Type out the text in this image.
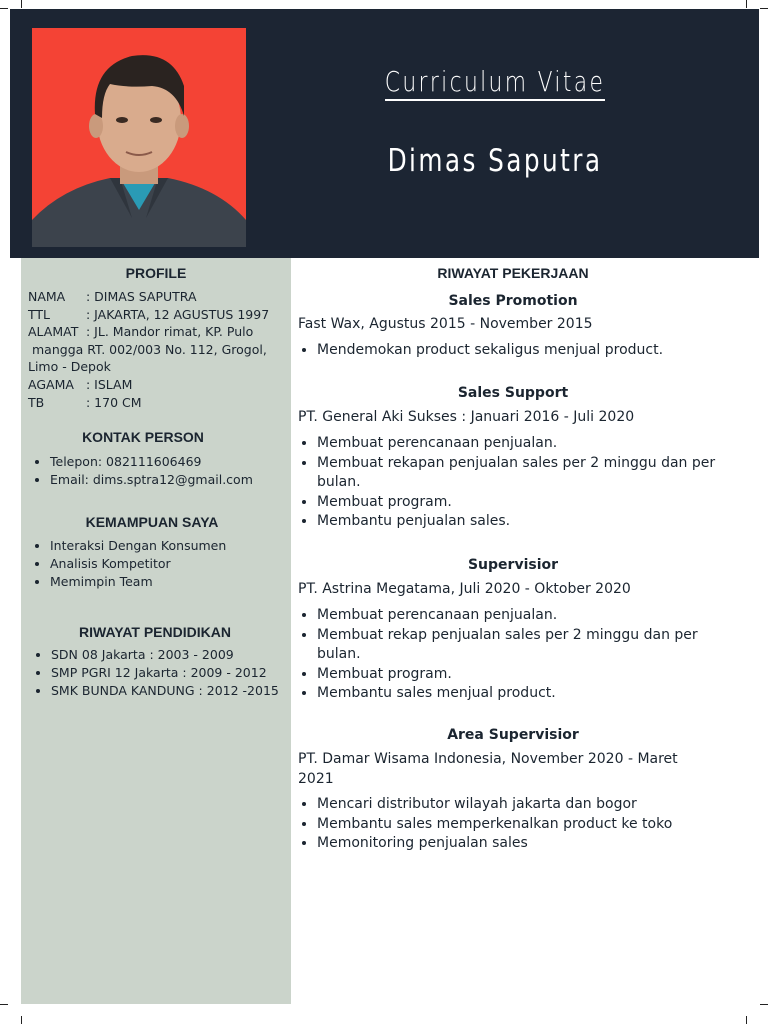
Curriculum Vitae
Dimas Saputra
PROFILE
NAMA : DIMAS SAPUTRA
TTL	: JAKARTA, 12 AGUSTUS 1997
ALAMAT : JL. Mandor rimat, KP. Pulo
mangga RT. 002/003 No. 112, Grogol,
Limo - Depok
AGAMA : ISLAM
TB	: 170 CM
KONTAK PERSON
• Telepon: 082111606469
• Email: dims.sptra12@gmail.com
KEMAMPUAN SAYA
• Interaksi Dengan Konsumen
• Analisis Kompetitor
• Memimpin Team
RIWAYAT PENDIDIKAN
• SDN 08 Jakarta : 2003 - 2009
• SMP PGRI 12 Jakarta : 2009 - 2012
• SMK BUNDA KANDUNG : 2012 -2015
RIWAYAT PEKERJAAN
Sales Promotion
Fast Wax, Agustus 2015 - November 2015
• Mendemokan product sekaligus menjual product.
Sales Support
PT. General Aki Sukses : Januari 2016 - Juli 2020
• Membuat perencanaan penjualan.
• Membuat rekapan penjualan sales per 2 minggu dan per bulan.
• Membuat program.
• Membantu penjualan sales.
Supervisior
PT. Astrina Megatama, Juli 2020 - Oktober 2020
• Membuat perencanaan penjualan.
• Membuat rekap penjualan sales per 2 minggu dan per bulan.
• Membuat program.
• Membantu sales menjual product.
Area Supervisior
PT. Damar Wisama Indonesia, November 2020 - Maret 2021
• Mencari distributor wilayah jakarta dan bogor
• Membantu sales memperkenalkan product ke toko
• Memonitoring penjualan sales
